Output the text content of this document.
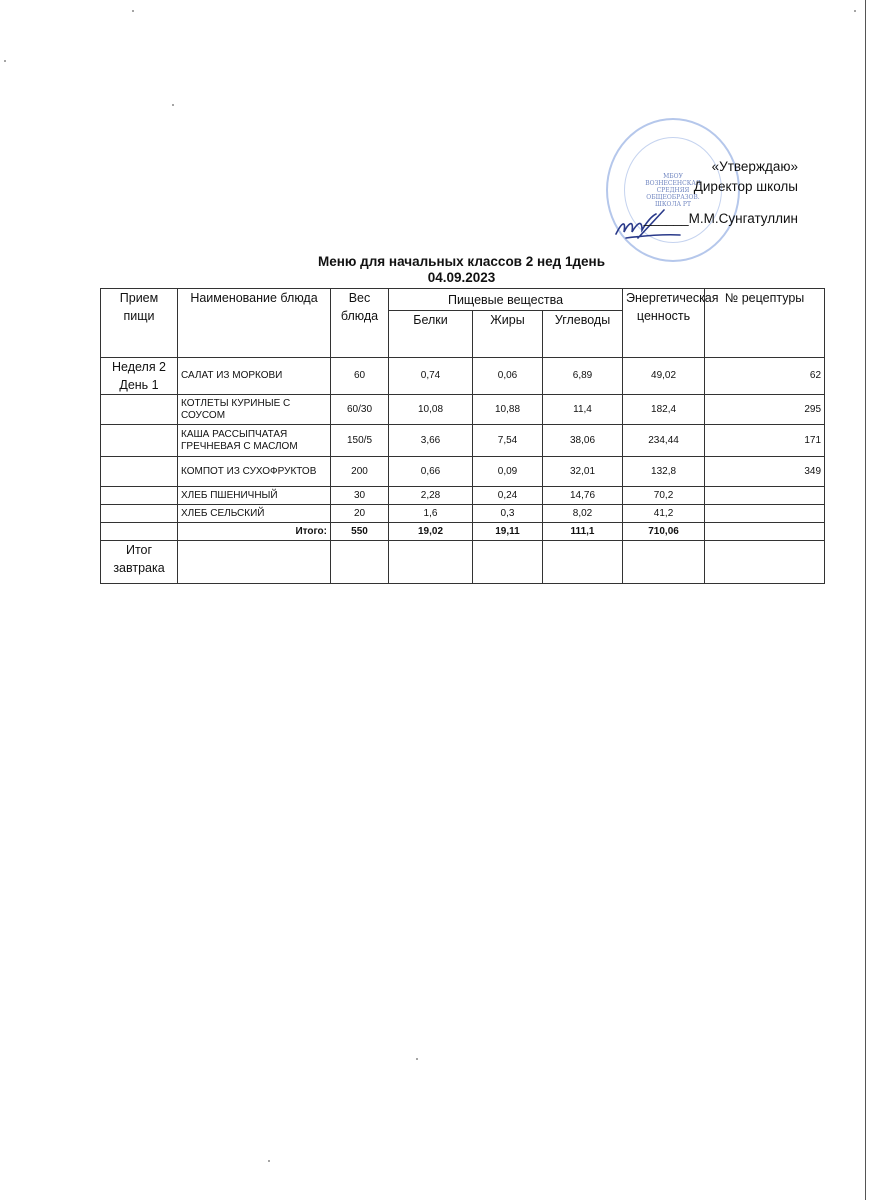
МБОУ
ВОЗНЕСЕНСКАЯ
СРЕДНЯЯ
ОБЩЕОБРАЗОВ.
ШКОЛА РТ
«Утверждаю»
Директор школы
______М.М.Сунгатуллин
Меню для начальных классов 2 нед 1день
04.09.2023
Прием пищи	Наименование блюда	Вес блюда	Пищевые вещества			Энергетическая ценность	№ рецептуры
			Белки	Жиры	Углеводы		
Неделя 2 День 1	САЛАТ ИЗ МОРКОВИ	60	0,74	0,06	6,89	49,02	62
	КОТЛЕТЫ КУРИНЫЕ С СОУСОМ	60/30	10,08	10,88	11,4	182,4	295
	КАША РАССЫПЧАТАЯ ГРЕЧНЕВАЯ С МАСЛОМ	150/5	3,66	7,54	38,06	234,44	171
	КОМПОТ ИЗ СУХОФРУКТОВ	200	0,66	0,09	32,01	132,8	349
	ХЛЕБ ПШЕНИЧНЫЙ	30	2,28	0,24	14,76	70,2	
	ХЛЕБ СЕЛЬСКИЙ	20	1,6	0,3	8,02	41,2	
	Итого:	550	19,02	19,11	111,1	710,06	
Итог завтрака							
